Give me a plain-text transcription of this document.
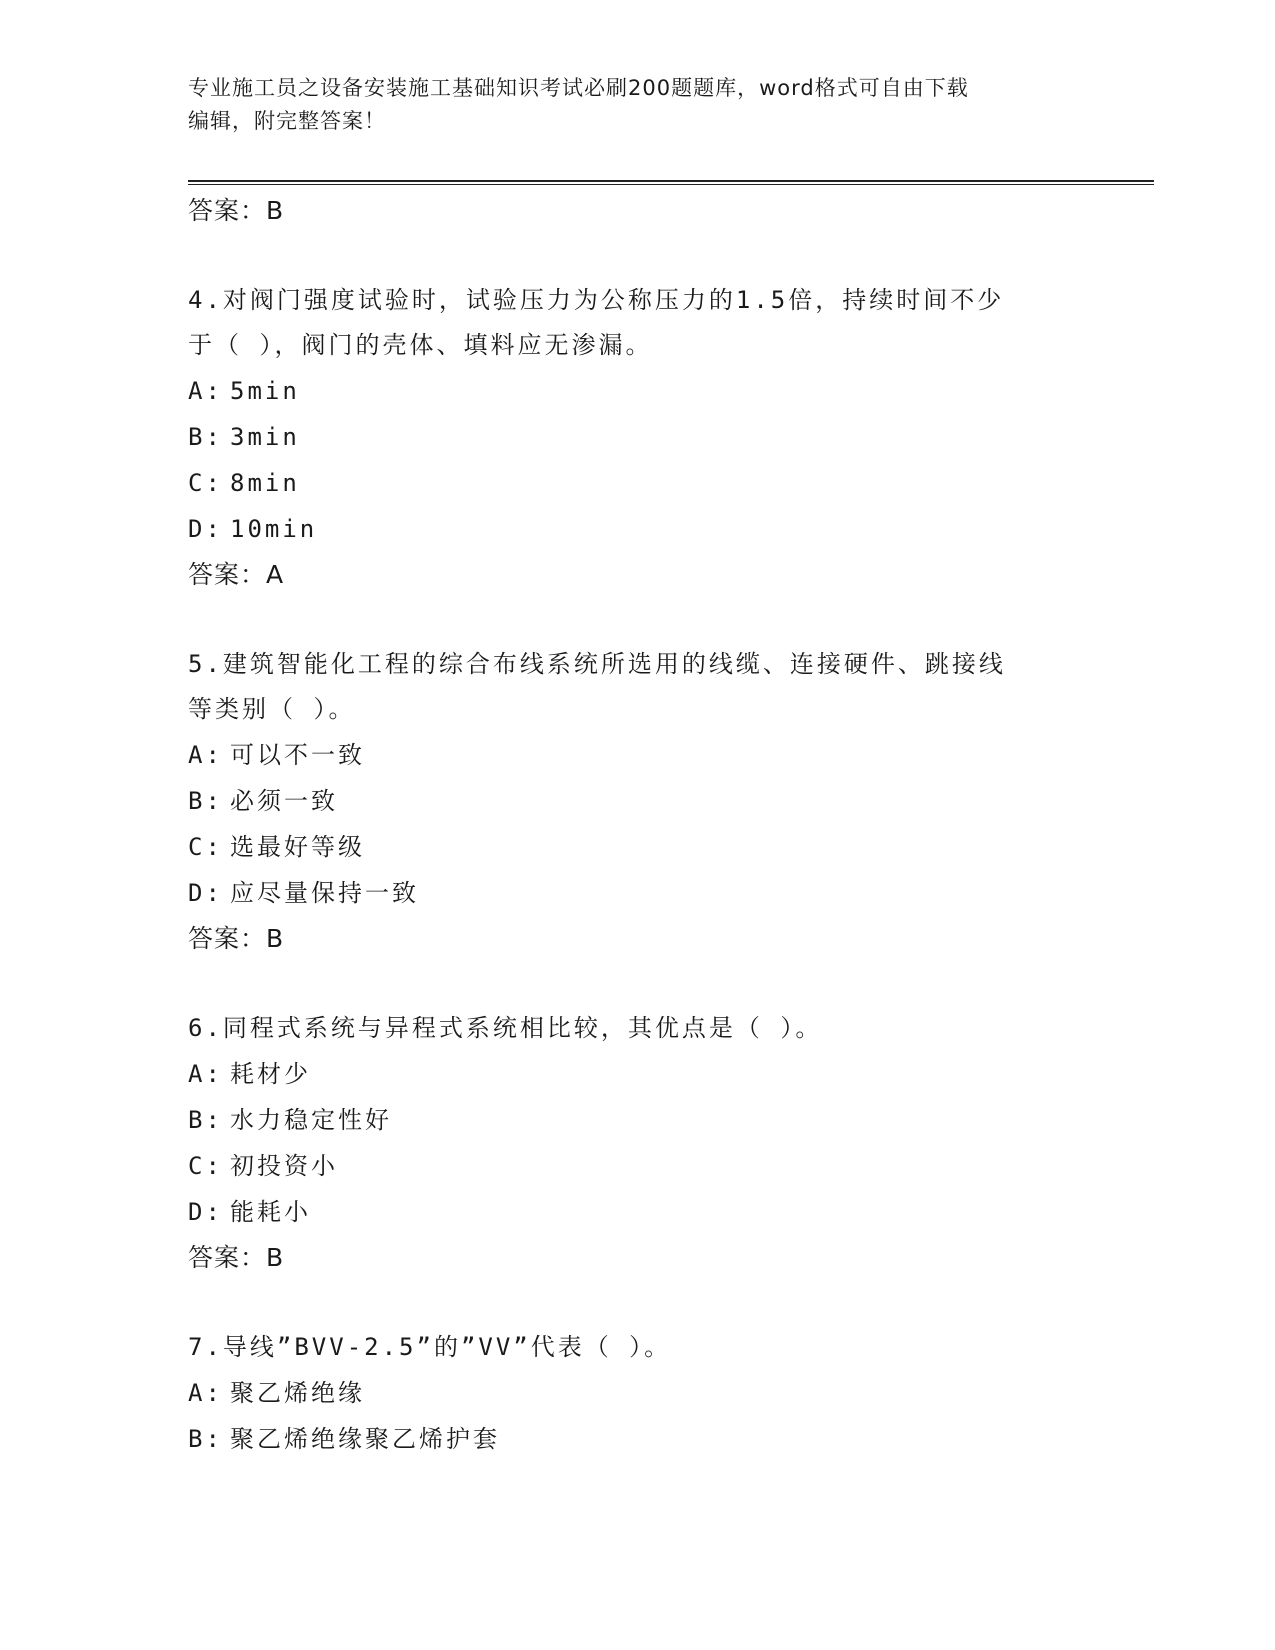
专业施工员之设备安装施工基础知识考试必刷200题题库，word格式可自由下载
编辑，附完整答案！
答案：B
4.对阀门强度试验时，试验压力为公称压力的1.5倍，持续时间不少
于（ ），阀门的壳体、填料应无渗漏。
A: 5min
B: 3min
C: 8min
D: 10min
答案：A
5.建筑智能化工程的综合布线系统所选用的线缆、连接硬件、跳接线
等类别（ ）。
A: 可以不一致
B: 必须一致
C: 选最好等级
D: 应尽量保持一致
答案：B
6.同程式系统与异程式系统相比较，其优点是（ ）。
A: 耗材少
B: 水力稳定性好
C: 初投资小
D: 能耗小
答案：B
7.导线”BVV-2.5”的”VV”代表（ ）。
A: 聚乙烯绝缘
B: 聚乙烯绝缘聚乙烯护套
